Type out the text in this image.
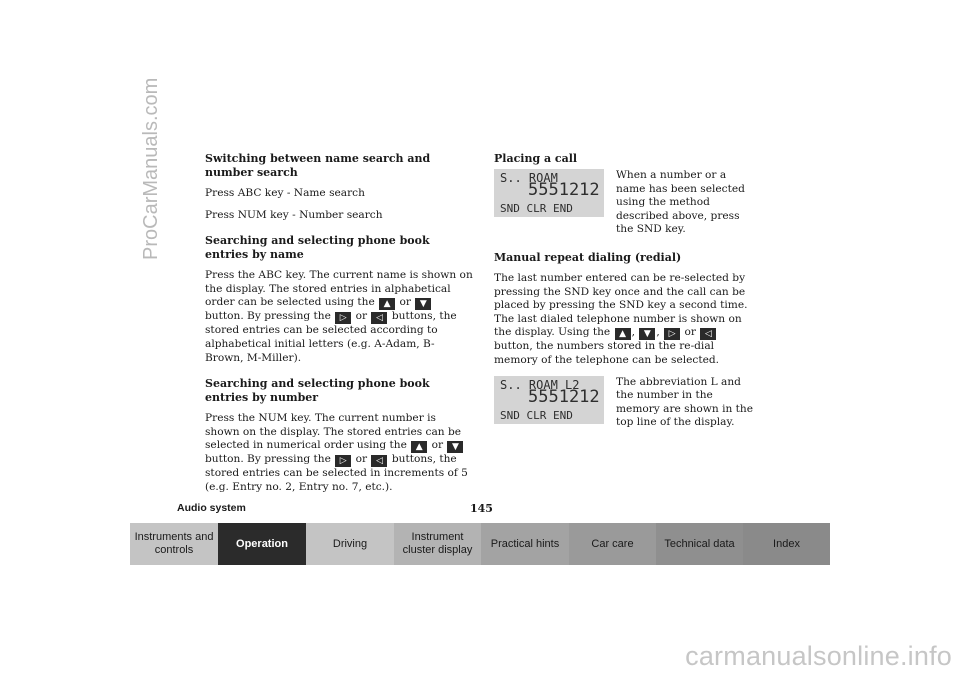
ProCarManuals.com
carmanualsonline.info
Switching between name search and number search

Press ABC key - Name search

Press NUM key - Number search

Searching and selecting phone book entries by name

Press the ABC key. The current name is shown on the display. The stored entries in alphabetical order can be selected using the ▲ or ▼ button. By pressing the ▷ or ◁ buttons, the stored entries can be selected according to alphabetical initial letters (e.g. A-Adam, B-Brown, M-Miller).

Searching and selecting phone book entries by number

Press the NUM key. The current number is shown on the display. The stored entries can be selected in numerical order using the ▲ or ▼ button. By pressing the ▷ or ◁ buttons, the stored entries can be selected in increments of 5 (e.g. Entry no. 2, Entry no. 7, etc.).

Placing a call
S.. ROAM
5551212
SND CLR END
When a number or a name has been selected using the method described above, press the SND key.
Manual repeat dialing (redial)

The last number entered can be re-selected by pressing the SND key once and the call can be placed by pressing the SND key a second time. The last dialed telephone number is shown on the display. Using the ▲ , ▼ , ▷ or ◁ button, the numbers stored in the re-dial memory of the telephone can be selected.

S.. ROAM L2
5551212
SND CLR END
The abbreviation L and the number in the memory are shown in the top line of the display.
Audio system	145
Instruments and controls
Operation	Driving
Instrument cluster display
Practical hints	Car care	Technical data	Index
